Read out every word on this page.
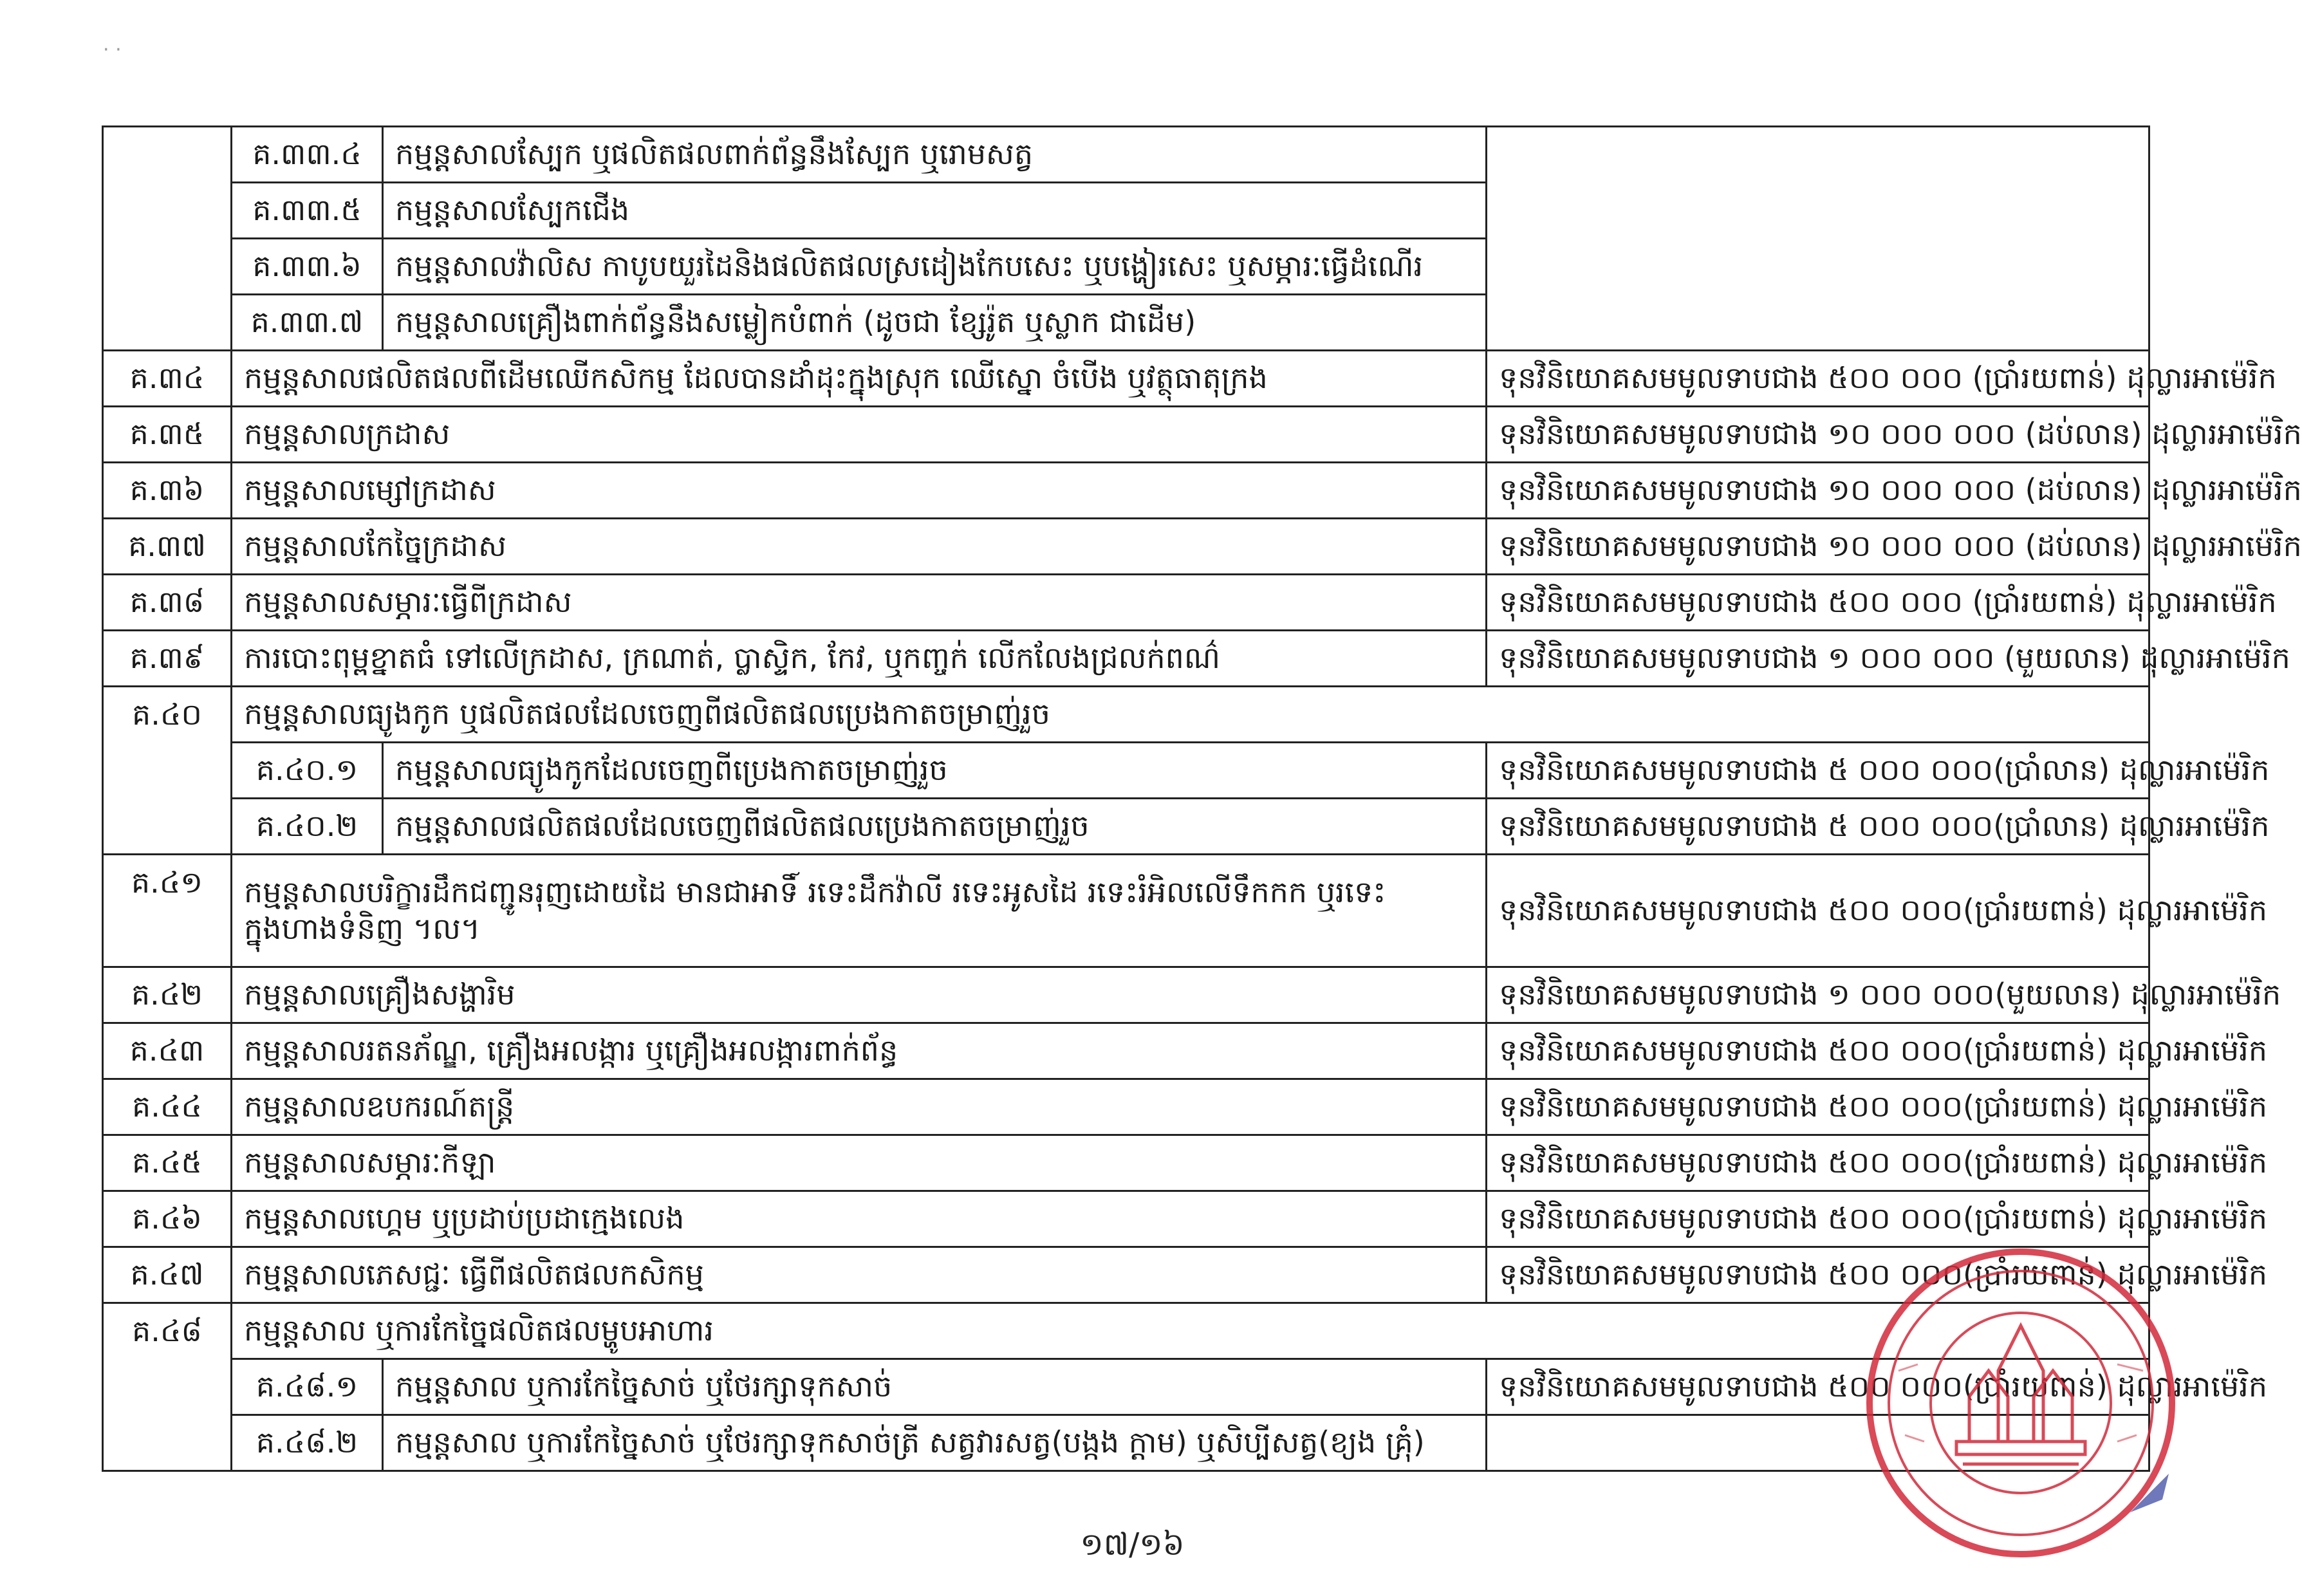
· ·
	គ.៣៣.៤	កម្មន្តសាលស្បែក ឬផលិតផលពាក់ព័ន្ធនឹងស្បែក ឬរោមសត្វ	
	គ.៣៣.៥	កម្មន្តសាលស្បែកជើង	
	គ.៣៣.៦	កម្មន្តសាលវ៉ាលិស កាបូបយួរដៃនិងផលិតផលស្រដៀងកែបសេះ ឬបង្ហៀរសេះ ឬសម្ភារៈធ្វើដំណើរ	
	គ.៣៣.៧	កម្មន្តសាលគ្រឿងពាក់ព័ន្ធនឹងសម្លៀកបំពាក់ (ដូចជា ខ្សែរ៉ូត ឬស្លាក ជាដើម)	
គ.៣៤	កម្មន្តសាលផលិតផលពីដើមឈើកសិកម្ម ដែលបានដាំដុះក្នុងស្រុក ឈើស្នោ ចំបើង ឬវត្ថុធាតុក្រង		ទុនវិនិយោគសមមូលទាបជាង ៥០០ ០០០ (ប្រាំរយពាន់) ដុល្លារអាម៉េរិក
គ.៣៥	កម្មន្តសាលក្រដាស		ទុនវិនិយោគសមមូលទាបជាង ១០ ០០០ ០០០ (ដប់លាន) ដុល្លារអាម៉េរិក
គ.៣៦	កម្មន្តសាលម្សៅក្រដាស		ទុនវិនិយោគសមមូលទាបជាង ១០ ០០០ ០០០ (ដប់លាន) ដុល្លារអាម៉េរិក
គ.៣៧	កម្មន្តសាលកែច្នៃក្រដាស		ទុនវិនិយោគសមមូលទាបជាង ១០ ០០០ ០០០ (ដប់លាន) ដុល្លារអាម៉េរិក
គ.៣៨	កម្មន្តសាលសម្ភារៈធ្វើពីក្រដាស		ទុនវិនិយោគសមមូលទាបជាង ៥០០ ០០០ (ប្រាំរយពាន់) ដុល្លារអាម៉េរិក
គ.៣៩	ការបោះពុម្ពខ្នាតធំ ទៅលើក្រដាស, ក្រណាត់, ប្លាស្ទិក, កែវ, ឬកញ្ចក់ លើកលែងជ្រលក់ពណ៌		ទុនវិនិយោគសមមូលទាបជាង ១ ០០០ ០០០ (មួយលាន) ដុល្លារអាម៉េរិក
គ.៤០	កម្មន្តសាលធ្យូងកូក ឬផលិតផលដែលចេញពីផលិតផលប្រេងកាតចម្រាញ់រួច		
	គ.៤០.១	កម្មន្តសាលធ្យូងកូកដែលចេញពីប្រេងកាតចម្រាញ់រួច	ទុនវិនិយោគសមមូលទាបជាង ៥ ០០០ ០០០(ប្រាំលាន) ដុល្លារអាម៉េរិក
	គ.៤០.២	កម្មន្តសាលផលិតផលដែលចេញពីផលិតផលប្រេងកាតចម្រាញ់រួច	ទុនវិនិយោគសមមូលទាបជាង ៥ ០០០ ០០០(ប្រាំលាន) ដុល្លារអាម៉េរិក
គ.៤១	កម្មន្តសាលបរិក្ខារដឹកជញ្ជូនរុញដោយដៃ មានជាអាទិ៍ រទេះដឹកវ៉ាលី រទេះអូសដៃ រទេះរំអិលលើទឹកកក ឬរទេះក្នុងហាងទំនិញ ។ល។		ទុនវិនិយោគសមមូលទាបជាង ៥០០ ០០០(ប្រាំរយពាន់) ដុល្លារអាម៉េរិក
គ.៤២	កម្មន្តសាលគ្រឿងសង្ហារិម		ទុនវិនិយោគសមមូលទាបជាង ១ ០០០ ០០០(មួយលាន) ដុល្លារអាម៉េរិក
គ.៤៣	កម្មន្តសាលរតនភ័ណ្ឌ, គ្រឿងអលង្ការ ឬគ្រឿងអលង្ការពាក់ព័ន្ធ		ទុនវិនិយោគសមមូលទាបជាង ៥០០ ០០០(ប្រាំរយពាន់) ដុល្លារអាម៉េរិក
គ.៤៤	កម្មន្តសាលឧបករណ៍តន្ត្រី		ទុនវិនិយោគសមមូលទាបជាង ៥០០ ០០០(ប្រាំរយពាន់) ដុល្លារអាម៉េរិក
គ.៤៥	កម្មន្តសាលសម្ភារៈកីឡា		ទុនវិនិយោគសមមូលទាបជាង ៥០០ ០០០(ប្រាំរយពាន់) ដុល្លារអាម៉េរិក
គ.៤៦	កម្មន្តសាលហ្គេម ឬប្រដាប់ប្រដាក្មេងលេង		ទុនវិនិយោគសមមូលទាបជាង ៥០០ ០០០(ប្រាំរយពាន់) ដុល្លារអាម៉េរិក
គ.៤៧	កម្មន្តសាលភេសជ្ជៈ ធ្វើពីផលិតផលកសិកម្ម		ទុនវិនិយោគសមមូលទាបជាង ៥០០ ០០០(ប្រាំរយពាន់) ដុល្លារអាម៉េរិក
គ.៤៨	កម្មន្តសាល ឬការកែច្នៃផលិតផលម្ហូបអាហារ		
	គ.៤៨.១	កម្មន្តសាល ឬការកែច្នៃសាច់ ឬថែរក្សាទុកសាច់	ទុនវិនិយោគសមមូលទាបជាង ៥០០ ០០០(ប្រាំរយពាន់) ដុល្លារអាម៉េរិក
	គ.៤៨.២	កម្មន្តសាល ឬការកែច្នៃសាច់ ឬថែរក្សាទុកសាច់ត្រី សត្វវារសត្វ(បង្កង ក្តាម) ឬសិប្បីសត្វ(ខ្យង គ្រុំ)	
១៧/១៦
